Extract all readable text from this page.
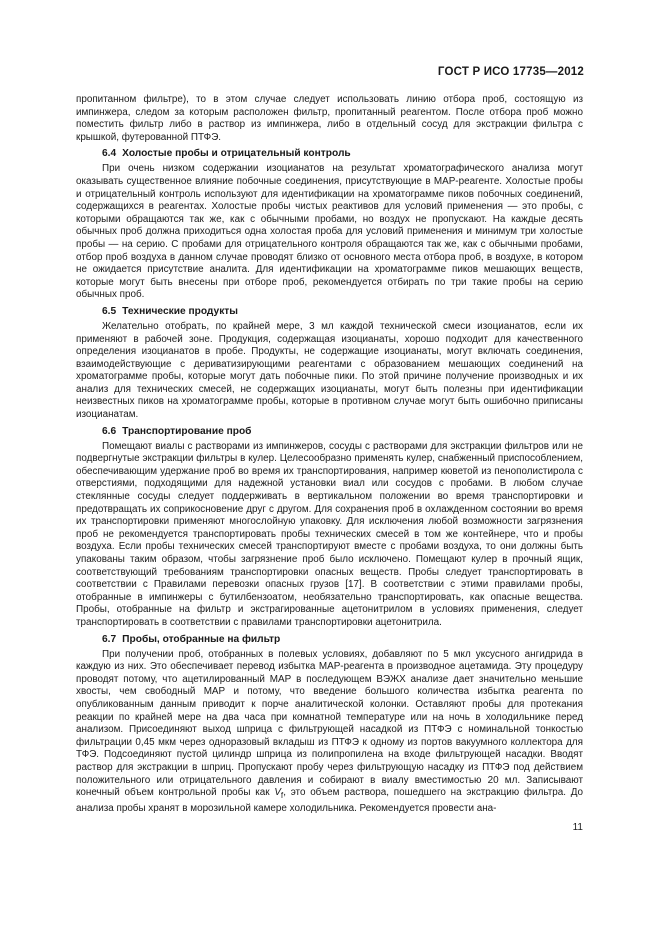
ГОСТ Р ИСО 17735—2012

пропитанном фильтре), то в этом случае следует использовать линию отбора проб, состоящую из импинжера, следом за которым расположен фильтр, пропитанный реагентом. После отбора проб можно поместить фильтр либо в раствор из импинжера, либо в отдельный сосуд для экстракции фильтра с крышкой, футерованной ПТФЭ.

6.4 Холостые пробы и отрицательный контроль

При очень низком содержании изоцианатов на результат хроматографического анализа могут оказывать существенное влияние побочные соединения, присутствующие в МАР-реагенте. Холостые пробы и отрицательный контроль используют для идентификации на хроматограмме пиков побочных соединений, содержащихся в реагентах. Холостые пробы чистых реактивов для условий применения — это пробы, с которыми обращаются так же, как с обычными пробами, но воздух не пропускают. На каждые десять обычных проб должна приходиться одна холостая проба для условий применения и минимум три холостые пробы — на серию. С пробами для отрицательного контроля обращаются так же, как с обычными пробами, отбор проб воздуха в данном случае проводят близко от основного места отбора проб, в воздухе, в котором не ожидается присутствие аналита. Для идентификации на хроматограмме пиков мешающих веществ, которые могут быть внесены при отборе проб, рекомендуется отбирать по три такие пробы на серию обычных проб.

6.5 Технические продукты

Желательно отобрать, по крайней мере, 3 мл каждой технической смеси изоцианатов, если их применяют в рабочей зоне. Продукция, содержащая изоцианаты, хорошо подходит для качественного определения изоцианатов в пробе. Продукты, не содержащие изоцианаты, могут включать соединения, взаимодействующие с дериватизирующими реагентами с образованием мешающих соединений на хроматограмме пробы, которые могут дать побочные пики. По этой причине получение производных и их анализ для технических смесей, не содержащих изоцианаты, могут быть полезны при идентификации неизвестных пиков на хроматограмме пробы, которые в противном случае могут быть ошибочно приписаны изоцианатам.

6.6 Транспортирование проб

Помещают виалы с растворами из импинжеров, сосуды с растворами для экстракции фильтров или не подвергнутые экстракции фильтры в кулер. Целесообразно применять кулер, снабженный приспособлением, обеспечивающим удержание проб во время их транспортирования, например кюветой из пенополистирола с отверстиями, подходящими для надежной установки виал или сосудов с пробами. В любом случае стеклянные сосуды следует поддерживать в вертикальном положении во время транспортировки и предотвращать их соприкосновение друг с другом. Для сохранения проб в охлажденном состоянии во время их транспортировки применяют многослойную упаковку. Для исключения любой возможности загрязнения проб не рекомендуется транспортировать пробы технических смесей в том же контейнере, что и пробы воздуха. Если пробы технических смесей транспортируют вместе с пробами воздуха, то они должны быть упакованы таким образом, чтобы загрязнение проб было исключено. Помещают кулер в прочный ящик, соответствующий требованиям транспортировки опасных веществ. Пробы следует транспортировать в соответствии с Правилами перевозки опасных грузов [17]. В соответствии с этими правилами пробы, отобранные в импинжеры с бутилбензоатом, необязательно транспортировать, как опасные вещества. Пробы, отобранные на фильтр и экстрагированные ацетонитрилом в условиях применения, следует транспортировать в соответствии с правилами транспортировки ацетонитрила.

6.7 Пробы, отобранные на фильтр

При получении проб, отобранных в полевых условиях, добавляют по 5 мкл уксусного ангидрида в каждую из них. Это обеспечивает перевод избытка МАР-реагента в производное ацетамида. Эту процедуру проводят потому, что ацетилированный МАР в последующем ВЭЖХ анализе дает значительно меньшие хвосты, чем свободный МАР и потому, что введение большого количества избытка реагента по опубликованным данным приводит к порче аналитической колонки. Оставляют пробы для протекания реакции по крайней мере на два часа при комнатной температуре или на ночь в холодильнике перед анализом. Присоединяют выход шприца с фильтрующей насадкой из ПТФЭ с номинальной тонкостью фильтрации 0,45 мкм через одноразовый вкладыш из ПТФЭ к одному из портов вакуумного коллектора для ТФЭ. Подсоединяют пустой цилиндр шприца из полипропилена на входе фильтрующей насадки. Вводят раствор для экстракции в шприц. Пропускают пробу через фильтрующую насадку из ПТФЭ под действием положительного или отрицательного давления и собирают в виалу вместимостью 20 мл. Записывают конечный объем контрольной пробы как $V_f$, это объем раствора, пошедшего на экстракцию фильтра. До анализа пробы хранят в морозильной камере холодильника. Рекомендуется провести ана-

11
